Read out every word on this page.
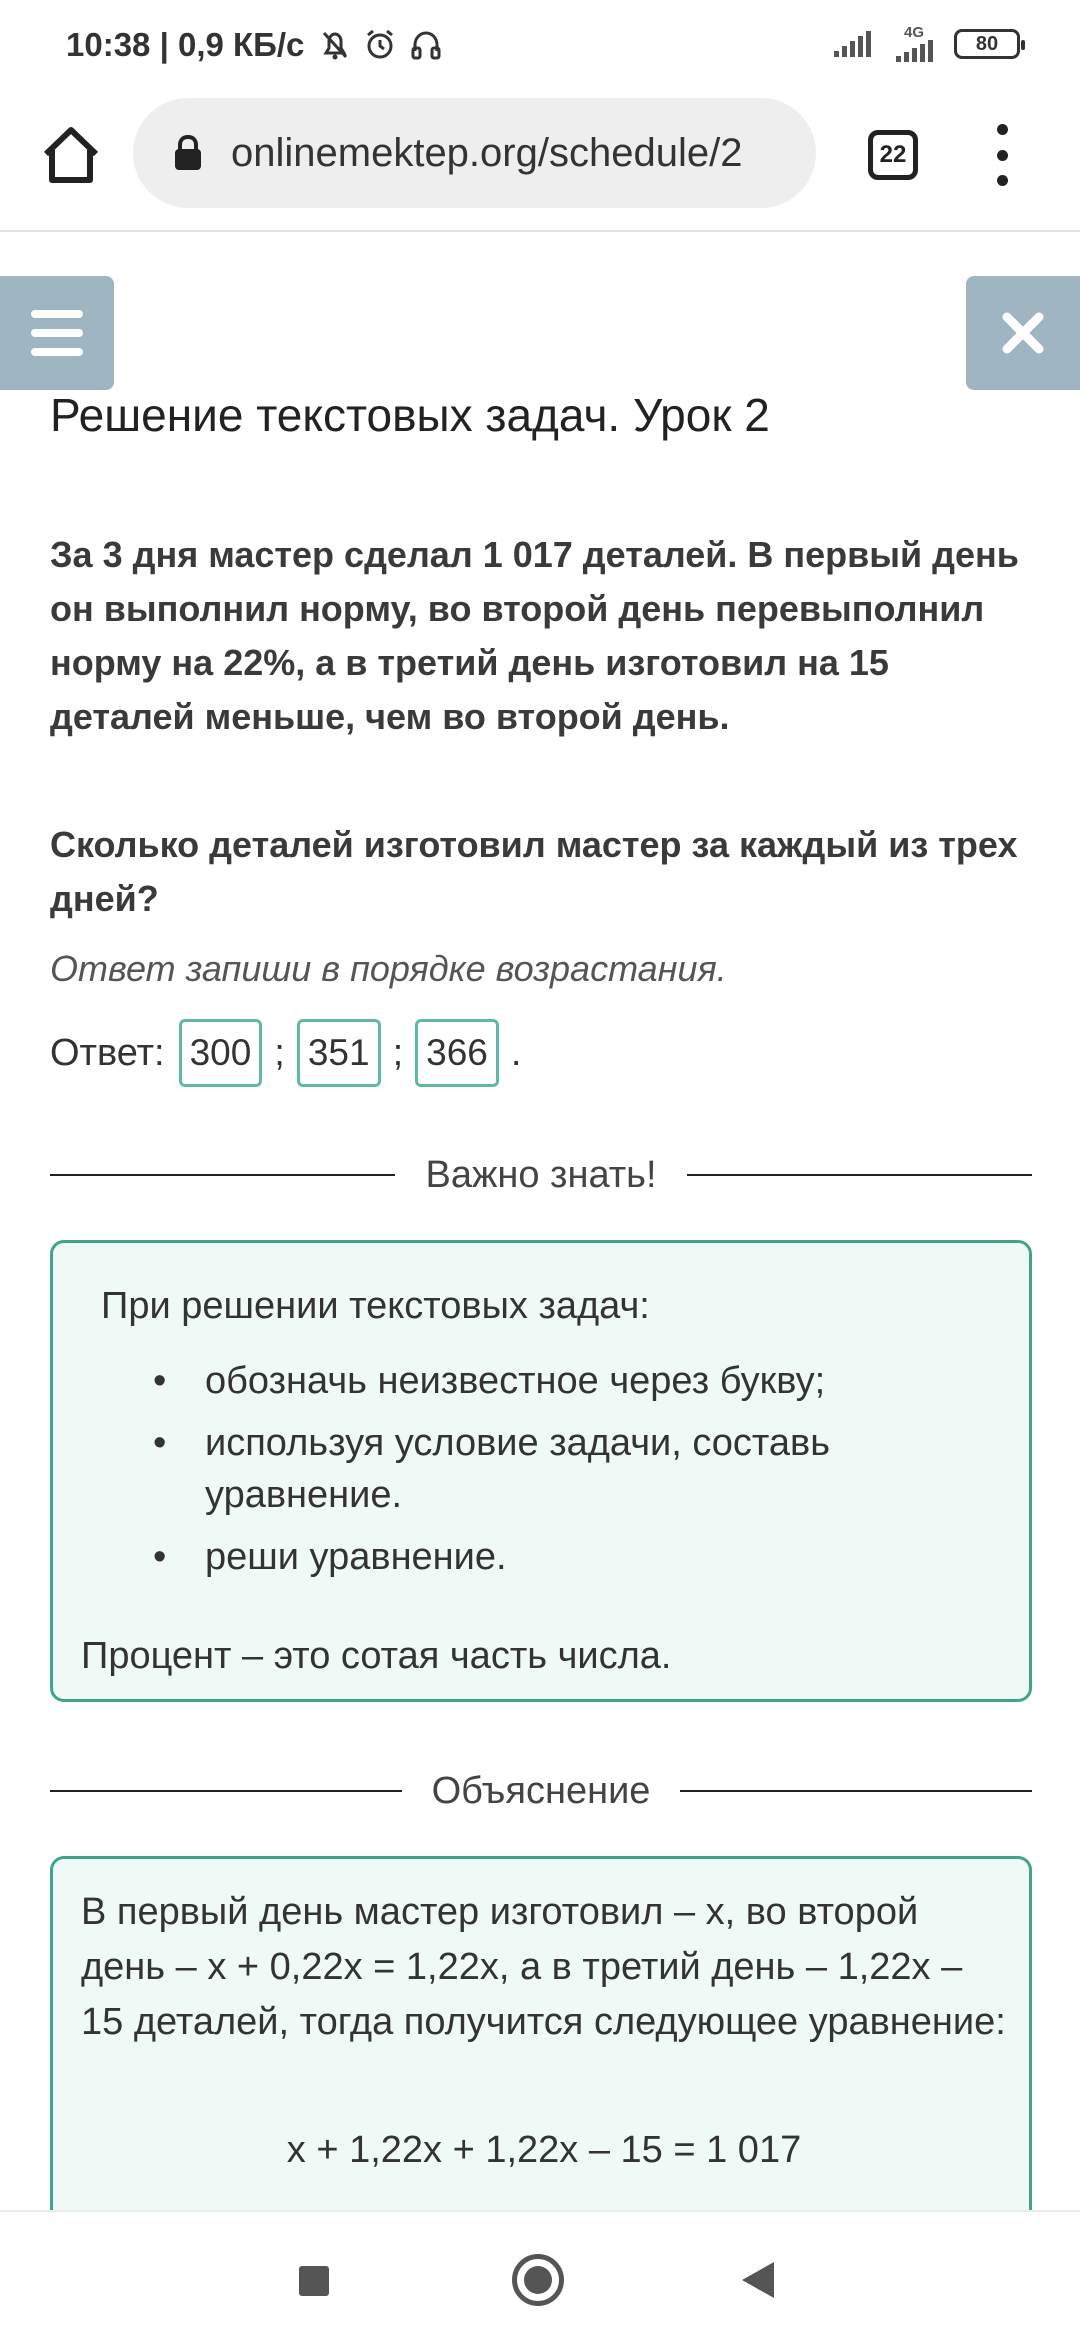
10:38 | 0,9 КБ/с	4G	80
onlinemektep.org/schedule/2	22
Решение текстовых задач. Урок 2
За 3 дня мастер сделал 1 017 деталей. В первый день он выполнил норму, во второй день перевыполнил норму на 22%, а в третий день изготовил на 15 деталей меньше, чем во второй день.
Сколько деталей изготовил мастер за каждый из трех дней?
Ответ запиши в порядке возрастания.
Ответ: 300 ; 351 ; 366 .
Важно знать!
При решении текстовых задач:
• обозначь неизвестное через букву;
• используя условие задачи, составь уравнение.
• реши уравнение.
Процент – это сотая часть числа.
Объяснение
В первый день мастер изготовил – x, во второй день – x + 0,22x = 1,22x, а в третий день – 1,22x – 15 деталей, тогда получится следующее уравнение:
x + 1,22x + 1,22x – 15 = 1 017
